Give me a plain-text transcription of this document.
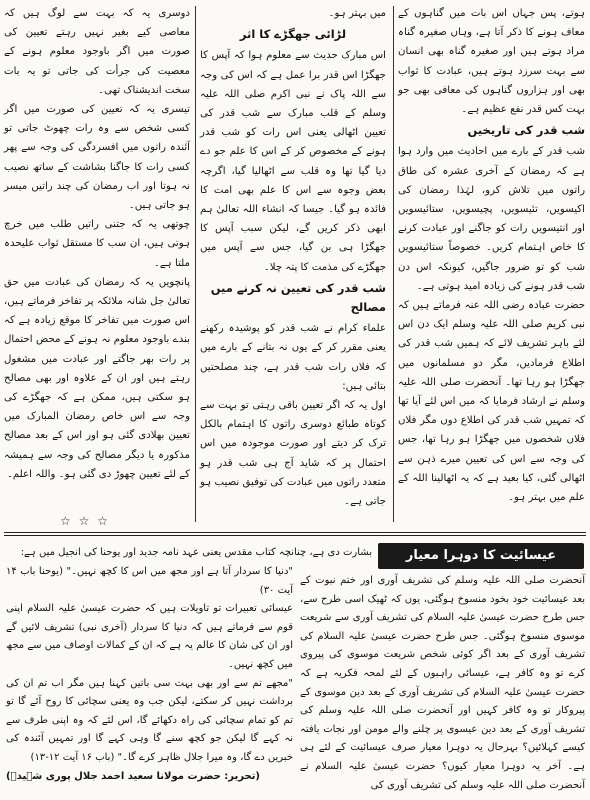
ہوتے، پس جہاں اس بات میں گناہوں کے معاف ہونے کا ذکر آتا ہے، وہاں صغیرہ گناہ مراد ہوتے ہیں اور صغیرہ گناہ بھی انسان سے بہت سرزد ہوتے ہیں، عبادت کا ثواب بھی اور ہزاروں گناہوں کی معافی بھی جو بہت کس قدر نفع عظیم ہے۔

شب قدر کی تاریخیں

شب قدر کے بارے میں احادیث میں وارد ہوا ہے کہ رمضان کے آخری عشرہ کی طاق راتوں میں تلاش کرو، لہٰذا رمضان کی اکیسویں، تئیسویں، پچیسویں، ستائیسویں اور انتیسویں رات کو جاگنے اور عبادت کرنے کا خاص اہتمام کریں۔ خصوصاً ستائیسویں شب کو تو ضرور جاگیں، کیونکہ اس دن شب قدر ہونے کی زیادہ امید ہوتی ہے۔

حضرت عبادہ رضی اللہ عنہ فرماتے ہیں کہ نبی کریم صلی اللہ علیہ وسلم ایک دن اس لئے باہر تشریف لائے کہ ہمیں شب قدر کی اطلاع فرمادیں، مگر دو مسلمانوں میں جھگڑا ہو رہا تھا۔ آنحضرت صلی اللہ علیہ وسلم نے ارشاد فرمایا کہ میں اس لئے آیا تھا کہ تمہیں شب قدر کی اطلاع دوں مگر فلاں فلاں شخصوں میں جھگڑا ہو رہا تھا، جس کی وجہ سے اس کی تعیین میرے ذہن سے اٹھالی گئی، کیا بعید ہے کہ یہ اٹھالینا اللہ کے علم میں بہتر ہو۔

میں بہتر ہو۔

لڑائی جھگڑے کا اثر

اس مبارک حدیث سے معلوم ہوا کہ آپس کا جھگڑا اس قدر برا عمل ہے کہ اس کی وجہ سے اللہ پاک نے نبی اکرم صلی اللہ علیہ وسلم کے قلب مبارک سے شب قدر کی تعیین اٹھالی یعنی اس رات کو شب قدر ہونے کے مخصوص کر کے اس کا علم جو دے دیا گیا تھا وہ قلب سے اٹھالیا گیا، اگرچہ بعض وجوہ سے اس کا علم بھی امت کا فائدہ ہو گیا۔ جیسا کہ انشاء اللہ تعالیٰ ہم ابھی ذکر کریں گے، لیکن سبب آپس کا جھگڑا ہی بن گیا، جس سے آپس میں جھگڑے کی مذمت کا پتہ چلا۔

شب قدر کی تعیین نہ کرنے میں مصالح

علماء کرام نے شب قدر کو پوشیدہ رکھنے یعنی مقرر کر کے یوں نہ بتانے کے بارے میں کہ فلاں رات شب قدر ہے، چند مصلحتیں بتائی ہیں:

اول یہ کہ اگر تعیین باقی رہتی تو بہت سے کوتاہ طبائع دوسری راتوں کا اہتمام بالکل ترک کر دیتے اور صورت موجودہ میں اس احتمال پر کہ شاید آج ہی شب قدر ہو متعدد راتوں میں عبادت کی توفیق نصیب ہو جاتی ہے۔

دوسری یہ کہ بہت سے لوگ ہیں کہ معاصی کیے بغیر نہیں رہتے تعیین کی صورت میں اگر باوجود معلوم ہونے کے معصیت کی جرأت کی جاتی تو یہ بات سخت اندیشناک تھی۔

تیسری یہ کہ تعیین کی صورت میں اگر کسی شخص سے وہ رات چھوٹ جاتی تو آئندہ راتوں میں افسردگی کی وجہ سے پھر کسی رات کا جاگنا بشاشت کے ساتھ نصیب نہ ہوتا اور اب رمضان کی چند راتیں میسر ہو جاتی ہیں۔

چوتھی یہ کہ جتنی راتیں طلب میں خرچ ہوتی ہیں، ان سب کا مستقل ثواب علیحدہ ملتا ہے۔

پانچویں یہ کہ رمضان کی عبادت میں حق تعالیٰ جل شانہ ملائکہ پر تفاخر فرماتے ہیں، اس صورت میں تفاخر کا موقع زیادہ ہے کہ بندے باوجود معلوم نہ ہونے کے محض احتمال پر رات بھر جاگتے اور عبادت میں مشغول رہتے ہیں اور ان کے علاوہ اور بھی مصالح ہو سکتی ہیں، ممکن ہے کہ جھگڑے کی وجہ سے اس خاص رمضان المبارک میں تعیین بھلادی گئی ہو اور اس کے بعد مصالح مذکورہ یا دیگر مصالح کی وجہ سے ہمیشہ کے لئے تعیین چھوڑ دی گئی ہو۔ واللہ اعلم۔

☆ ☆ ☆
عیسائیت کا دوہرا معیار
بشارت دی ہے، چنانچہ کتاب مقدس یعنی عہد نامہ جدید اور یوحنا کی انجیل میں ہے:
آنحضرت صلی اللہ علیہ وسلم کی تشریف آوری اور ختم نبوت کے بعد عیسائیت خود بخود منسوخ ہوگئی، یوں کہ ٹھیک اسی طرح سے، جس طرح حضرت عیسیٰ علیہ السلام کی تشریف آوری سے شریعت موسوی منسوخ ہوگئی۔ جس طرح حضرت عیسیٰ علیہ السلام کی تشریف آوری کے بعد اگر کوئی شخص شریعت موسوی کی پیروی کرے تو وہ کافر ہے، عیسائی راہبوں کے لئے لمحہ فکریہ ہے کہ حضرت عیسیٰ علیہ السلام کی تشریف آوری کے بعد دین موسوی کے پیروکار تو وہ کافر کہیں اور آنحضرت صلی اللہ علیہ وسلم کی تشریف آوری کے بعد دین عیسوی پر چلنے والے مومن اور نجات یافتہ کیسے کہلائیں؟ بہرحال یہ دوہرا معیار صرف عیسائیت کے لئے ہی ہے۔ آخر یہ دوہرا معیار کیوں؟ حضرت عیسیٰ علیہ السلام نے آنحضرت صلی اللہ علیہ وسلم کی تشریف آوری کی

"دنیا کا سردار آتا ہے اور مجھ میں اس کا کچھ نہیں۔" (یوحنا باب ۱۴ آیت ۳۰)

عیسائی تعبیرات تو تاویلات ہیں کہ حضرت عیسیٰ علیہ السلام اپنی قوم سے فرماتے ہیں کہ دنیا کا سردار (آخری نبی) تشریف لائیں گے اور ان کی شان کا عالم یہ ہے کہ ان کے کمالات اوصاف میں سے مجھ میں کچھ نہیں۔

"مجھے تم سے اور بھی بہت سی باتیں کہنا ہیں مگر اب تم ان کی برداشت نہیں کر سکتے، لیکن جب وہ یعنی سچائی کا روح آئے گا تو تم کو تمام سچائی کی راہ دکھائے گا، اس لئے کہ وہ اپنی طرف سے نہ کہے گا لیکن جو کچھ سنے گا وہی کہے گا اور تمہیں آئندہ کی خبریں دے گا، وہ میرا جلال ظاہر کرے گا۔" (باب ۱۶ آیت ۱۲-۱۳)

(تحریر: حضرت مولانا سعید احمد جلال پوری شہیدؒ)
